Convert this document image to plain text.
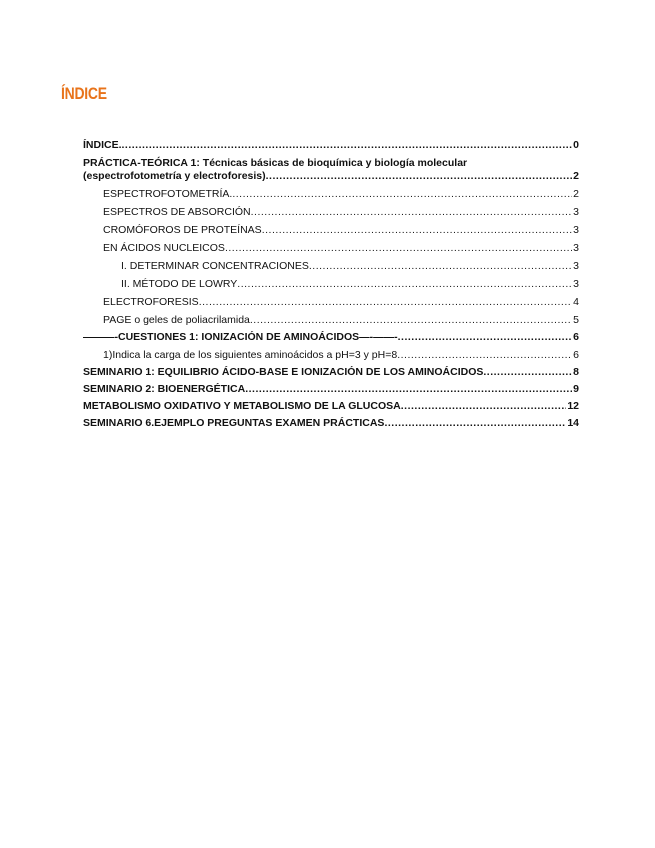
ÍNDICE
ÍNDICE. .....	0
PRÁCTICA-TEÓRICA 1: Técnicas básicas de bioquímica y biología molecular
(espectrofotometría y electroforesis) .....	2
ESPECTROFOTOMETRÍA. .....	2
ESPECTROS DE ABSORCIÓN .....	3
CROMÓFOROS DE PROTEÍNAS .....	3
EN ÁCIDOS NUCLEICOS .....	3
I. DETERMINAR CONCENTRACIONES .....	3
II. MÉTODO DE LOWRY .....	3
ELECTROFORESIS .....	4
PAGE o geles de poliacrilamida .....	5
———-CUESTIONES 1: IONIZACIÓN DE AMINOÁCIDOS—-——- .....	6
1)Indica la carga de los siguientes aminoácidos a pH=3 y pH=8 .....	6
SEMINARIO 1: EQUILIBRIO ÁCIDO-BASE E IONIZACIÓN DE LOS AMINOÁCIDOS .....	8
SEMINARIO 2: BIOENERGÉTICA .....	9
METABOLISMO OXIDATIVO Y METABOLISMO DE LA GLUCOSA .....	12
SEMINARIO 6.EJEMPLO PREGUNTAS EXAMEN PRÁCTICAS .....	14
